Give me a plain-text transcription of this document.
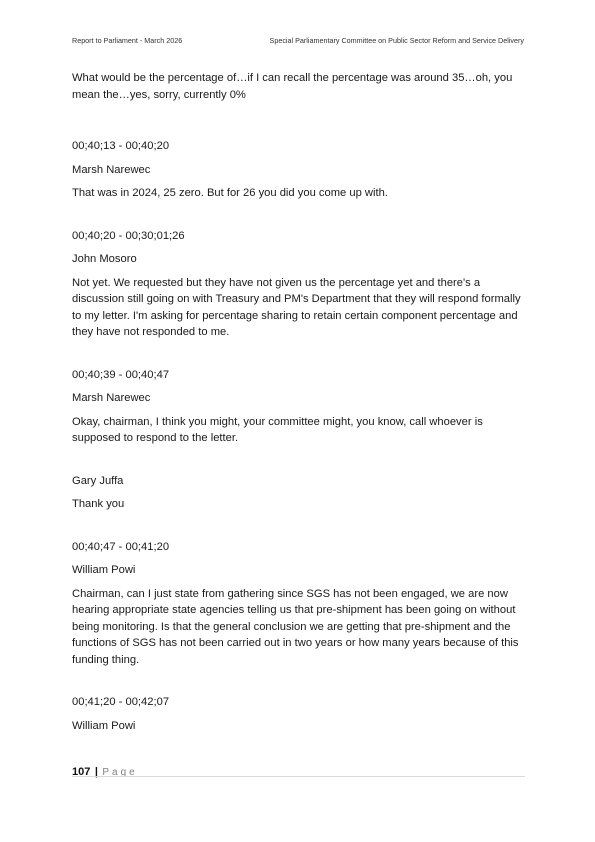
Report to Parliament - March 2026	Special Parliamentary Committee on Public Sector Reform and Service Delivery

What would be the percentage of…if I can recall the percentage was around 35…oh, you mean the…yes, sorry, currently 0%

00;40;13 - 00;40;20

Marsh Narewec

That was in 2024, 25 zero. But for 26 you did you come up with.

00;40;20 - 00;30;01;26

John Mosoro

Not yet. We requested but they have not given us the percentage yet and there's a discussion still going on with Treasury and PM's Department that they will respond formally to my letter. I'm asking for percentage sharing to retain certain component percentage and they have not responded to me.

00;40;39 - 00;40;47

Marsh Narewec

Okay, chairman, I think you might, your committee might, you know, call whoever is supposed to respond to the letter.

Gary Juffa

Thank you

00;40;47 - 00;41;20

William Powi

Chairman, can I just state from gathering since SGS has not been engaged, we are now hearing appropriate state agencies telling us that pre-shipment has been going on without being monitoring. Is that the general conclusion we are getting that pre-shipment and the functions of SGS has not been carried out in two years or how many years because of this funding thing.

00;41;20 - 00;42;07

William Powi

107 | Page
